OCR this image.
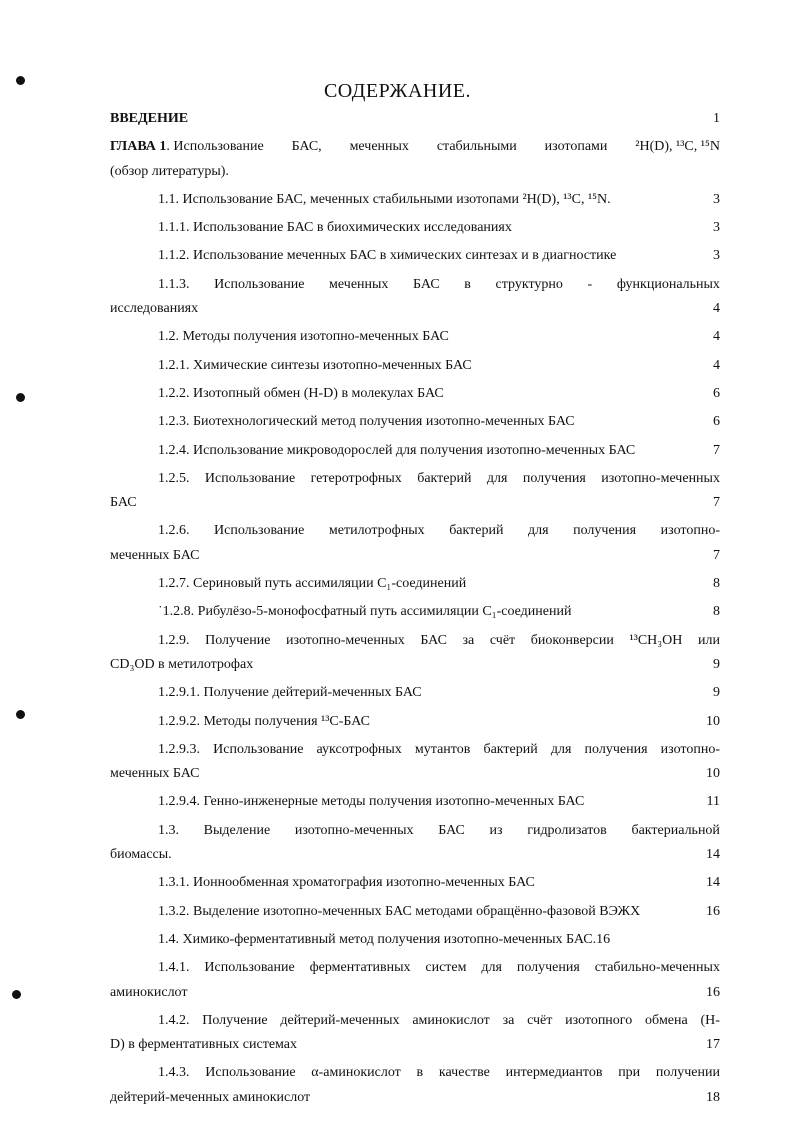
СОДЕРЖАНИЕ.
ВВЕДЕНИЕ	1
ГЛАВА 1. Использование БАС, меченных стабильными изотопами ²H(D), ¹³C, ¹⁵N
(обзор литературы).
1.1. Использование БАС, меченных стабильными изотопами ²H(D), ¹³C, ¹⁵N.	3
1.1.1. Использование БАС в биохимических исследованиях	3
1.1.2. Использование меченных БАС в химических синтезах и в диагностике	3
1.1.3. Использование меченных БАС в структурно - функциональных
исследованиях	4
1.2. Методы получения изотопно-меченных БАС	4
1.2.1. Химические синтезы изотопно-меченных БАС	4
1.2.2. Изотопный обмен (H-D) в молекулах БАС	6
1.2.3. Биотехнологический метод получения изотопно-меченных БАС	6
1.2.4. Использование микроводорослей для получения изотопно-меченных БАС	7
1.2.5. Использование гетеротрофных бактерий для получения изотопно-меченных
БАС	7
1.2.6. Использование метилотрофных бактерий для получения изотопно-
меченных БАС	7
1.2.7. Сериновый путь ассимиляции C₁-соединений	8
˙1.2.8. Рибулёзо-5-монофосфатный путь ассимиляции C₁-соединений	8
1.2.9. Получение изотопно-меченных БАС за счёт биоконверсии ¹³CH₃OH или
CD₃OD в метилотрофах	9
1.2.9.1. Получение дейтерий-меченных БАС	9
1.2.9.2. Методы получения ¹³C-БАС	10
1.2.9.3. Использование ауксотрофных мутантов бактерий для получения изотопно-
меченных БАС	10
1.2.9.4. Генно-инженерные методы получения изотопно-меченных БАС	11
1.3. Выделение изотопно-меченных БАС из гидролизатов бактериальной
биомассы.	14
1.3.1. Ионнообменная хроматография изотопно-меченных БАС	14
1.3.2. Выделение изотопно-меченных БАС методами обращённо-фазовой ВЭЖХ	16
1.4. Химико-ферментативный метод получения изотопно-меченных БАС.16
1.4.1. Использование ферментативных систем для получения стабильно-меченных
аминокислот	16
1.4.2. Получение дейтерий-меченных аминокислот за счёт изотопного обмена (H-
D) в ферментативных системах	17
1.4.3. Использование α-аминокислот в качестве интермедиантов при получении
дейтерий-меченных аминокислот	18
